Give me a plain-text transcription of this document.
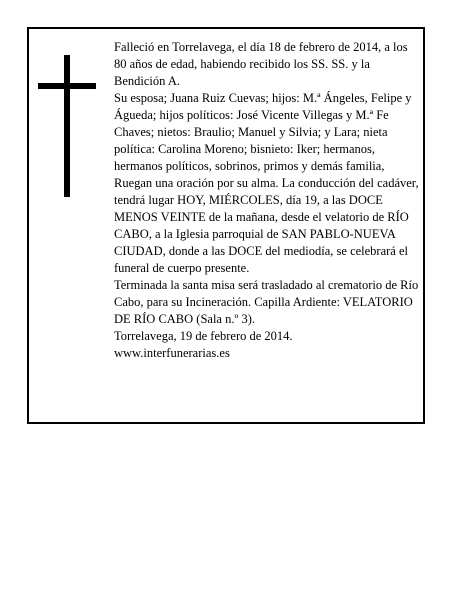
Falleció en Torrelavega, el día 18 de febrero de 2014, a los 80 años de edad, habiendo recibido los SS. SS. y la Bendición A.

Su esposa; Juana Ruiz Cuevas; hijos: M.ª Ángeles, Felipe y Águeda; hijos políticos: José Vicente Villegas y M.ª Fe Chaves; nietos: Braulio; Manuel y Silvia; y Lara; nieta política: Carolina Moreno; bisnieto: Iker; hermanos, hermanos políticos, sobrinos, primos y demás familia,

Ruegan una oración por su alma. La conducción del cadáver, tendrá lugar HOY, MIÉRCOLES, día 19, a las DOCE MENOS VEINTE de la mañana, desde el velatorio de RÍO CABO, a la Iglesia parroquial de SAN PABLO-NUEVA CIUDAD, donde a las DOCE del mediodía, se celebrará el funeral de cuerpo presente.

Terminada la santa misa será trasladado al crematorio de Río Cabo, para su Incineración. Capilla Ardiente: VELATORIO DE RÍO CABO (Sala n.º 3).

Torrelavega, 19 de febrero de 2014.

www.interfunerarias.es
